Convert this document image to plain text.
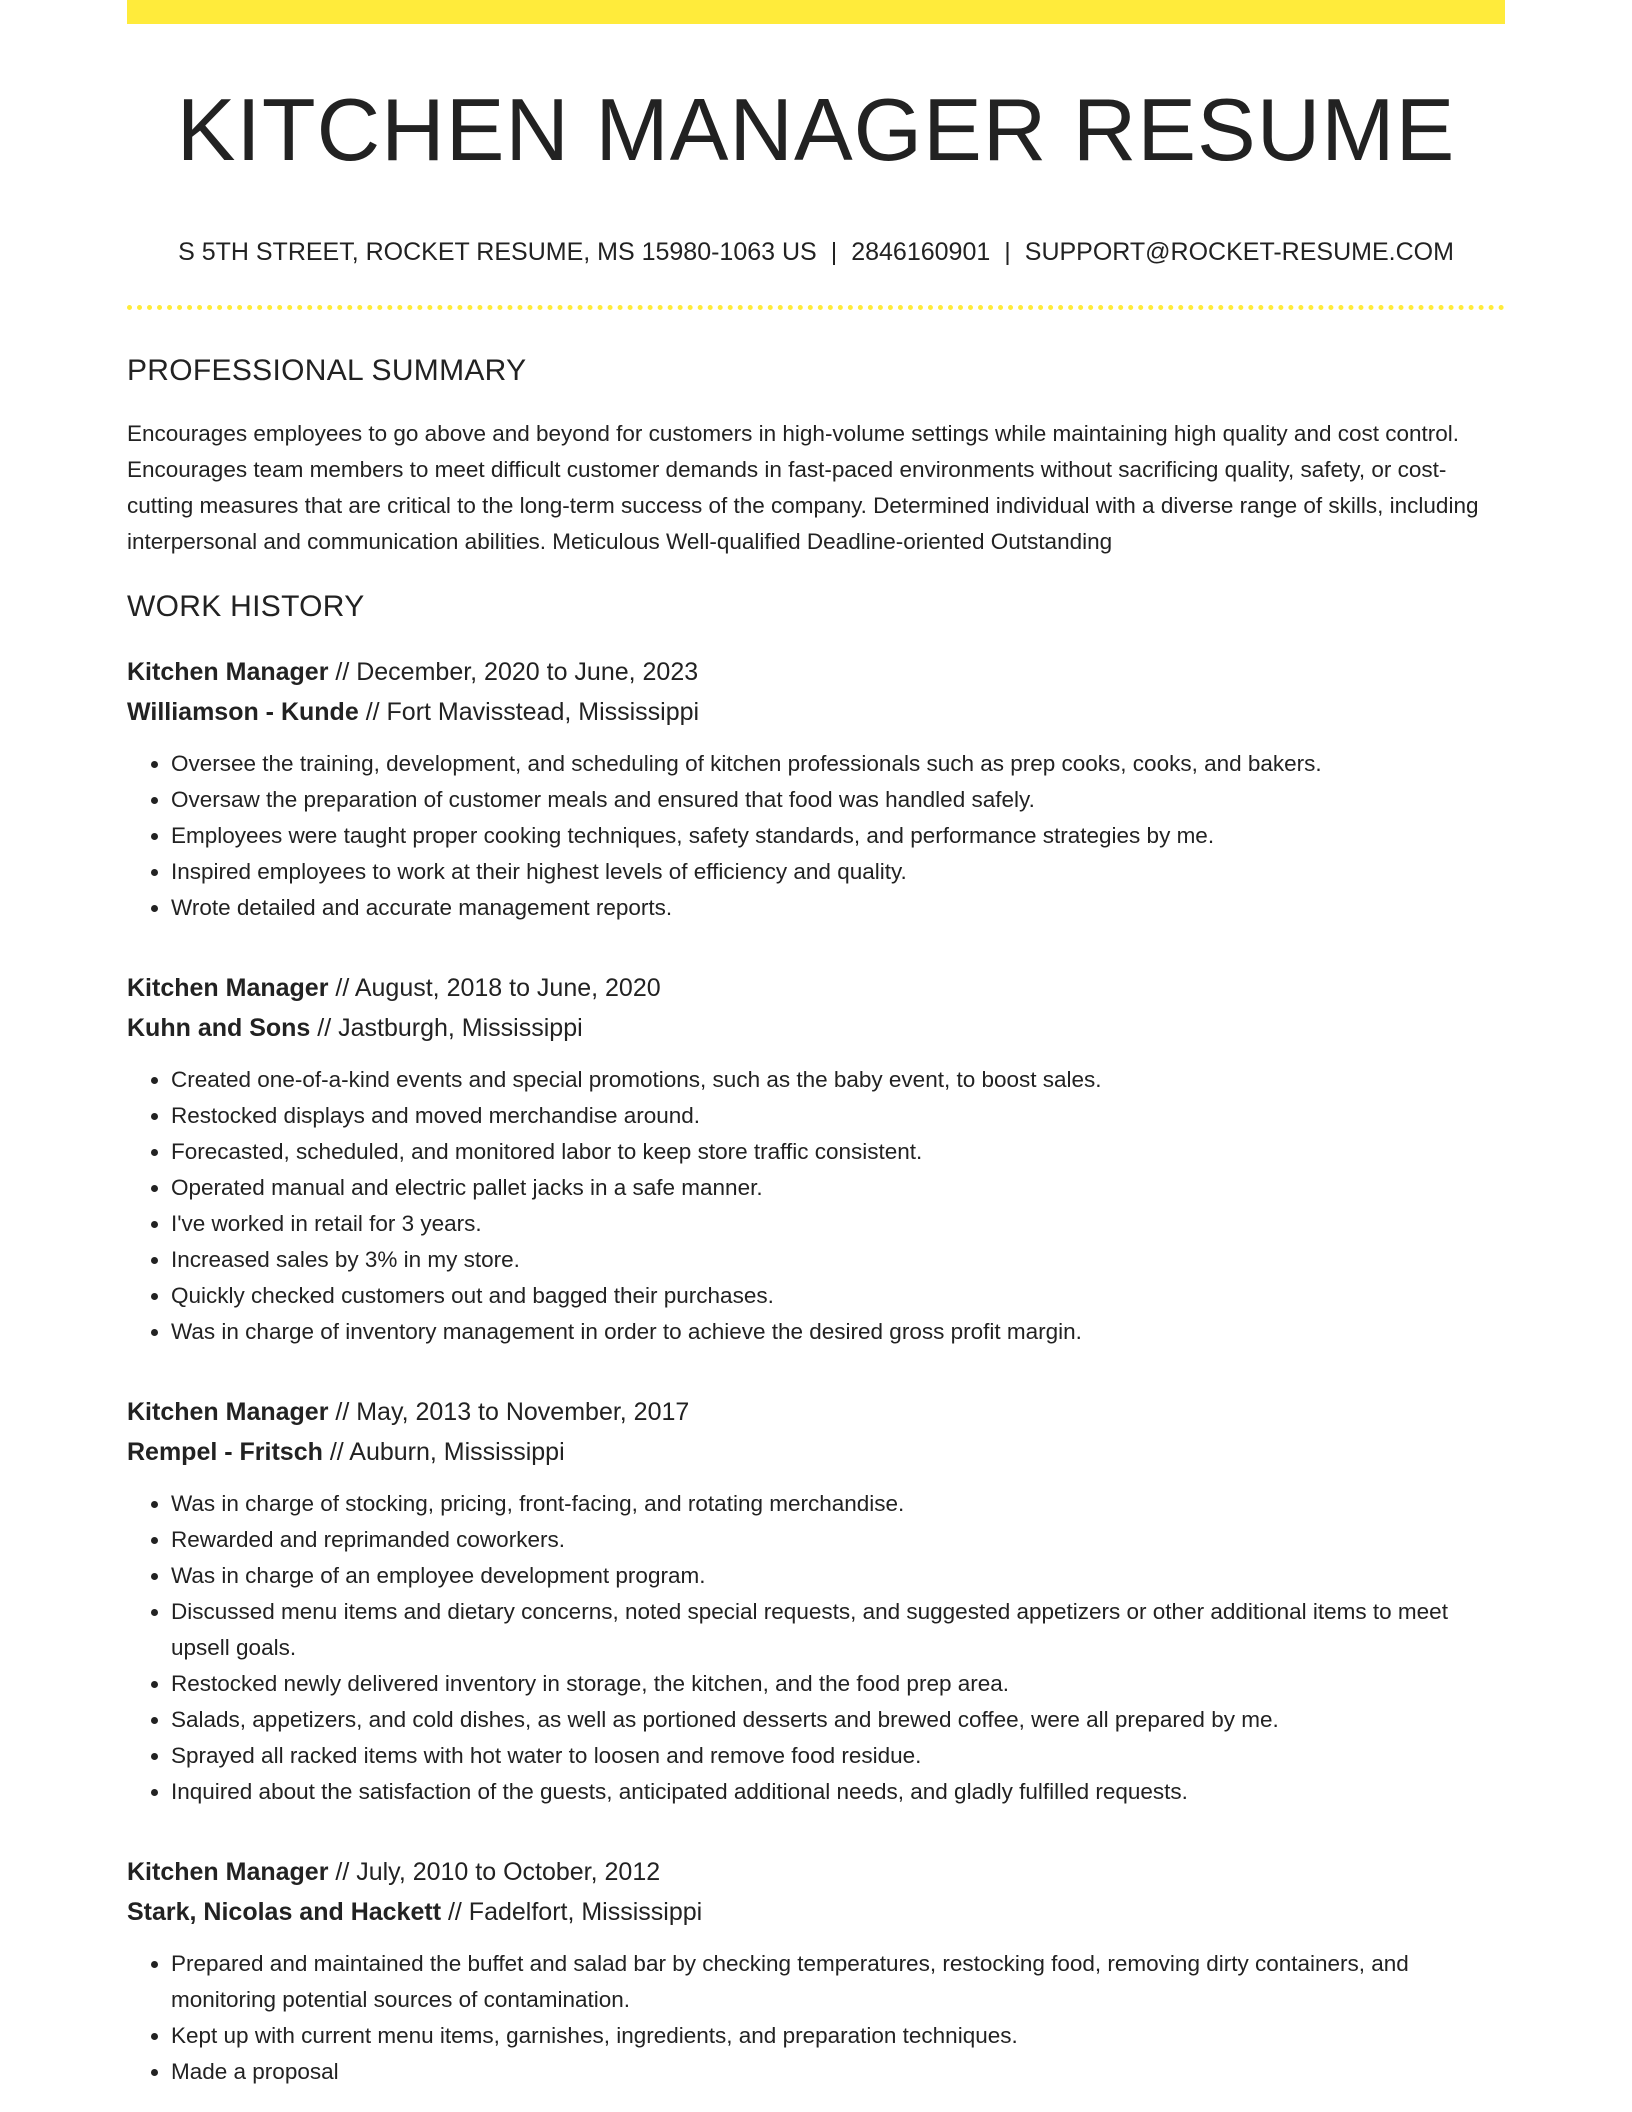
KITCHEN MANAGER RESUME
S 5TH STREET, ROCKET RESUME, MS 15980-1063 US | 2846160901 | SUPPORT@ROCKET-RESUME.COM
PROFESSIONAL SUMMARY

Encourages employees to go above and beyond for customers in high-volume settings while maintaining high quality and cost control. Encourages team members to meet difficult customer demands in fast-paced environments without sacrificing quality, safety, or cost-cutting measures that are critical to the long-term success of the company. Determined individual with a diverse range of skills, including interpersonal and communication abilities. Meticulous Well-qualified Deadline-oriented Outstanding

WORK HISTORY
Kitchen Manager // December, 2020 to June, 2023
Williamson - Kunde // Fort Mavisstead, Mississippi
• Oversee the training, development, and scheduling of kitchen professionals such as prep cooks, cooks, and bakers.
• Oversaw the preparation of customer meals and ensured that food was handled safely.
• Employees were taught proper cooking techniques, safety standards, and performance strategies by me.
• Inspired employees to work at their highest levels of efficiency and quality.
• Wrote detailed and accurate management reports.
Kitchen Manager // August, 2018 to June, 2020
Kuhn and Sons // Jastburgh, Mississippi
• Created one-of-a-kind events and special promotions, such as the baby event, to boost sales.
• Restocked displays and moved merchandise around.
• Forecasted, scheduled, and monitored labor to keep store traffic consistent.
• Operated manual and electric pallet jacks in a safe manner.
• I've worked in retail for 3 years.
• Increased sales by 3% in my store.
• Quickly checked customers out and bagged their purchases.
• Was in charge of inventory management in order to achieve the desired gross profit margin.
Kitchen Manager // May, 2013 to November, 2017
Rempel - Fritsch // Auburn, Mississippi
• Was in charge of stocking, pricing, front-facing, and rotating merchandise.
• Rewarded and reprimanded coworkers.
• Was in charge of an employee development program.
• Discussed menu items and dietary concerns, noted special requests, and suggested appetizers or other additional items to meet upsell goals.
• Restocked newly delivered inventory in storage, the kitchen, and the food prep area.
• Salads, appetizers, and cold dishes, as well as portioned desserts and brewed coffee, were all prepared by me.
• Sprayed all racked items with hot water to loosen and remove food residue.
• Inquired about the satisfaction of the guests, anticipated additional needs, and gladly fulfilled requests.
Kitchen Manager // July, 2010 to October, 2012
Stark, Nicolas and Hackett // Fadelfort, Mississippi
• Prepared and maintained the buffet and salad bar by checking temperatures, restocking food, removing dirty containers, and monitoring potential sources of contamination.
• Kept up with current menu items, garnishes, ingredients, and preparation techniques.
• Made a proposal
